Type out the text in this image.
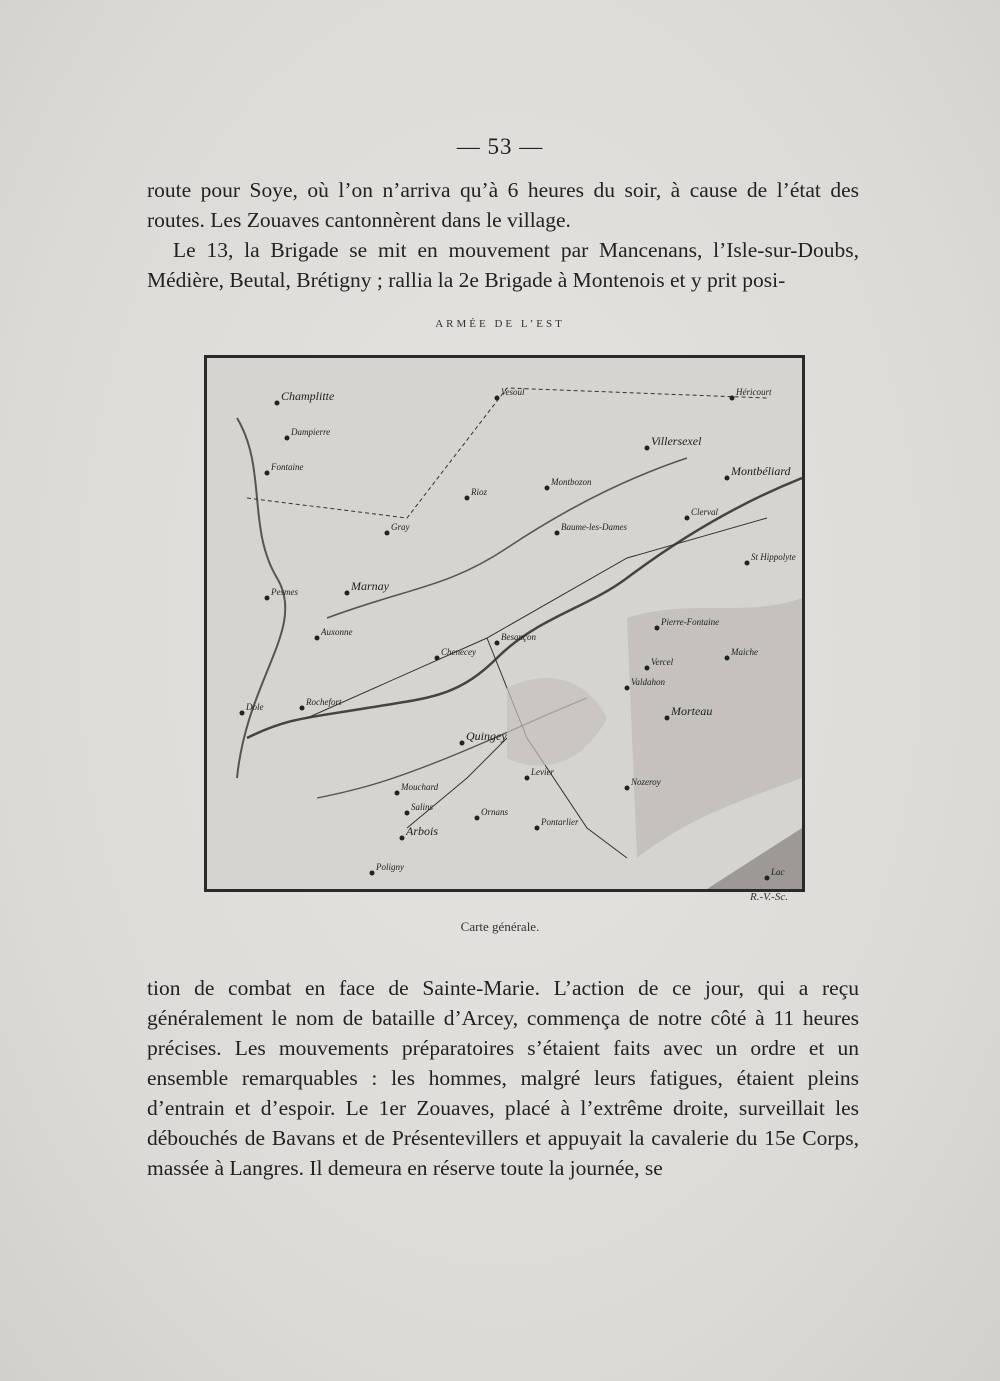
— 53 —

route pour Soye, où l’on n’arriva qu’à 6 heures du soir, à cause de l’état des routes. Les Zouaves cantonnèrent dans le village.

Le 13, la Brigade se mit en mouvement par Mancenans, l’Isle-sur-Doubs, Médière, Beutal, Brétigny ; rallia la 2e Brigade à Montenois et y prit posi-

ARMÉE DE L’EST
Champlitte
Dampierre
Fontaine
Gray
Pesmes	Marnay
Dole	Rochefort
Auxonne
Salins
Arbois
Poligny
Vesoul
Rioz
Montbozon
Villersexel
Baume-les-Dames
Besançon
Ornans
Pontarlier
Montbéliard
Héricourt
Clerval
St Hippolyte
Maiche
Morteau
Pierre-Fontaine
Vercel
Valdahon
Chenecey
Quingey
Mouchard	Nozeroy
Levier
Lac
R.-V.-Sc.
Carte générale.

tion de combat en face de Sainte-Marie. L’action de ce jour, qui a reçu généralement le nom de bataille d’Arcey, commença de notre côté à 11 heures précises. Les mouvements préparatoires s’étaient faits avec un ordre et un ensemble remarquables : les hommes, malgré leurs fatigues, étaient pleins d’entrain et d’espoir. Le 1er Zouaves, placé à l’extrême droite, surveillait les débouchés de Bavans et de Présentevillers et appuyait la cavalerie du 15e Corps, massée à Langres. Il demeura en réserve toute la journée, se
